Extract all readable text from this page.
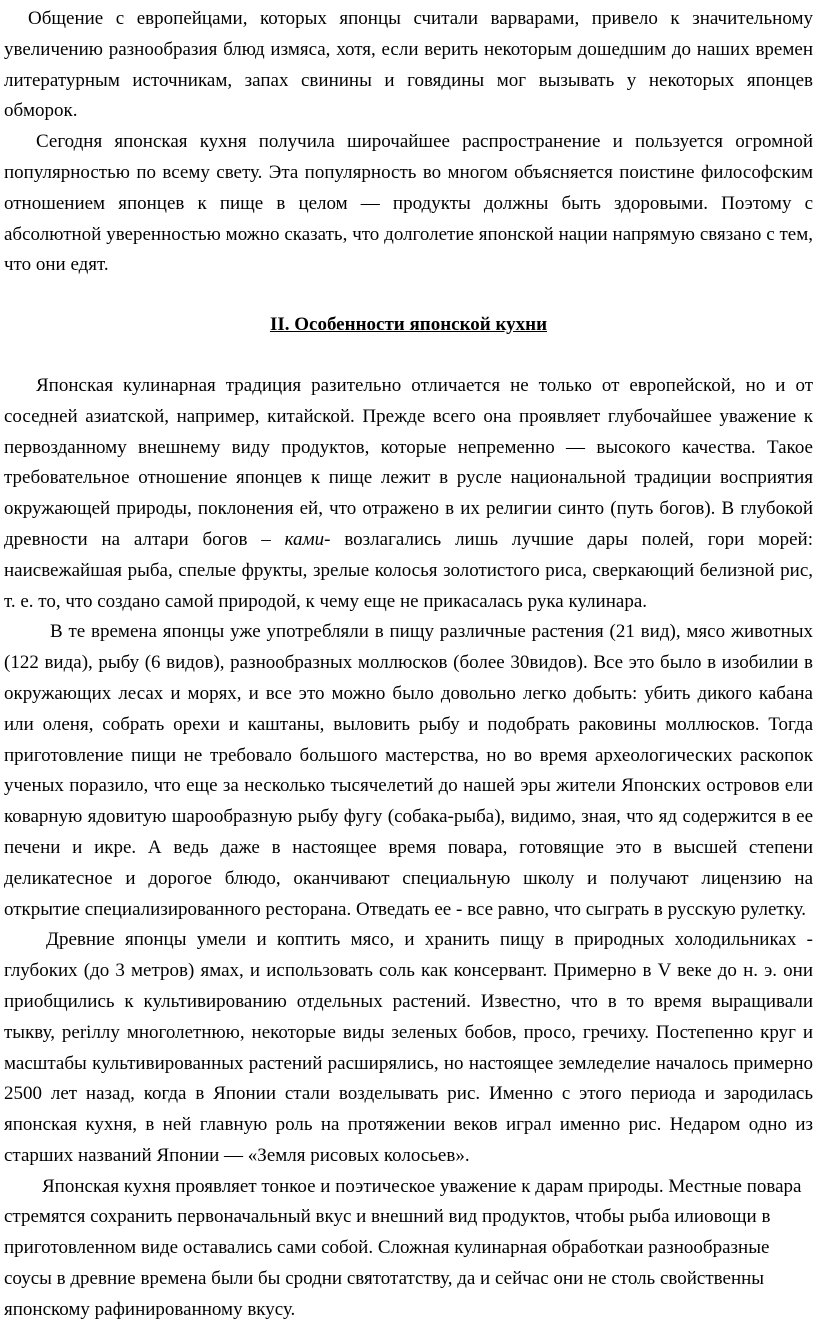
Общение с европейцами, которых японцы считали варварами, привело к значительному увеличению разнообразия блюд измяса, хотя, если верить некоторым дошедшим до наших времен литературным источникам, запах свинины и говядины мог вызывать у некоторых японцев обморок.

Сегодня японская кухня получила широчайшее распространение и пользуется огромной популярностью по всему свету. Эта популярность во многом объясняется поистине философским отношением японцев к пище в целом — продукты должны быть здоровыми. Поэтому с абсолютной уверенностью можно сказать, что долголетие японской нации напрямую связано с тем, что они едят.

II. Особенности японской кухни

Японская кулинарная традиция разительно отличается не только от европейской, но и от соседней азиатской, например, китайской. Прежде всего она проявляет глубочайшее уважение к первозданному внешнему виду продуктов, которые непременно — высокого качества. Такое требовательное отношение японцев к пище лежит в русле национальной традиции восприятия окружающей природы, поклонения ей, что отражено в их религии синто (путь богов). В глубокой древности на алтари богов – ками- возлагались лишь лучшие дары полей, гори морей: наисвежайшая рыба, спелые фрукты, зрелые колосья золотистого риса, сверкающий белизной рис, т. е. то, что создано самой природой, к чему еще не прикасалась рука кулинара.

В те времена японцы уже употребляли в пищу различные растения (21 вид), мясо животных (122 вида), рыбу (6 видов), разнообразных моллюсков (более 30видов). Все это было в изобилии в окружающих лесах и морях, и все это можно было довольно легко добыть: убить дикого кабана или оленя, собрать орехи и каштаны, выловить рыбу и подобрать раковины моллюсков. Тогда приготовление пищи не требовало большого мастерства, но во время археологических раскопок ученых поразило, что еще за несколько тысячелетий до нашей эры жители Японских островов ели коварную ядовитую шарообразную рыбу фугу (собака-рыба), видимо, зная, что яд содержится в ее печени и икре. А ведь даже в настоящее время повара, готовящие это в высшей степени деликатесное и дорогое блюдо, оканчивают специальную школу и получают лицензию на открытие специализированного ресторана. Отведать ее - все равно, что сыграть в русскую рулетку.

Древние японцы умели и коптить мясо, и хранить пищу в природных холодильниках - глубоких (до 3 метров) ямах, и использовать соль как консервант. Примерно в V веке до н. э. они приобщились к культивированию отдельных растений. Известно, что в то время выращивали тыкву, periллу многолетнюю, некоторые виды зеленых бобов, просо, гречиху. Постепенно круг и масштабы культивированных растений расширялись, но настоящее земледелие началось примерно 2500 лет назад, когда в Японии стали возделывать рис. Именно с этого периода и зародилась японская кухня, в ней главную роль на протяжении веков играл именно рис. Недаром одно из старших названий Японии — «Земля рисовых колосьев».

Японская кухня проявляет тонкое и поэтическое уважение к дарам природы. Местные повара стремятся сохранить первоначальный вкус и внешний вид продуктов, чтобы рыба илиовощи в приготовленном виде оставались сами собой. Сложная кулинарная обработкаи разнообразные соусы в древние времена были бы сродни святотатству, да и сейчас они не столь свойственны японскому рафинированному вкусу.
